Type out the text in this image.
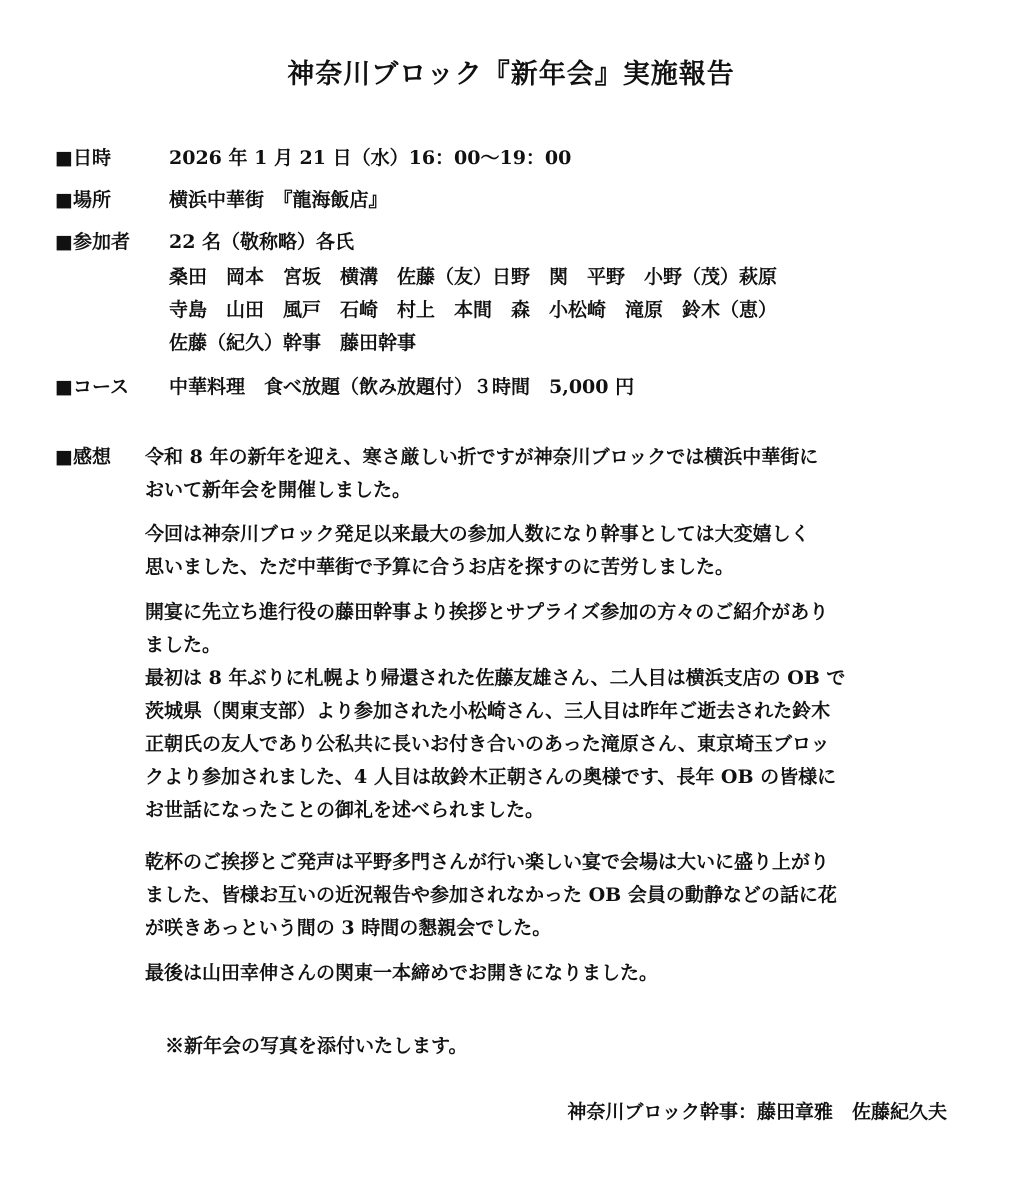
神奈川ブロック『新年会』実施報告
■日時	2026 年 1 月 21 日（水）16：00～19：00
■場所	横浜中華街　『龍海飯店』
■参加者 22 名（敬称略）各氏
桑田　岡本　宮坂　横溝　佐藤（友）日野　関　平野　小野（茂）萩原
寺島　山田　風戸　石崎　村上　本間　森　小松崎　滝原　鈴木（恵）
佐藤（紀久）幹事　藤田幹事
■コース 中華料理　食べ放題（飲み放題付）３時間　5,000 円
■感想 令和 8 年の新年を迎え、寒さ厳しい折ですが神奈川ブロックでは横浜中華街に
おいて新年会を開催しました。
今回は神奈川ブロック発足以来最大の参加人数になり幹事としては大変嬉しく
思いました、ただ中華街で予算に合うお店を探すのに苦労しました。
開宴に先立ち進行役の藤田幹事より挨拶とサプライズ参加の方々のご紹介があり
ました。
最初は 8 年ぶりに札幌より帰還された佐藤友雄さん、二人目は横浜支店の OB で
茨城県（関東支部）より参加された小松崎さん、三人目は昨年ご逝去された鈴木
正朝氏の友人であり公私共に長いお付き合いのあった滝原さん、東京埼玉ブロッ
クより参加されました、4 人目は故鈴木正朝さんの奥様です、長年 OB の皆様に
お世話になったことの御礼を述べられました。
乾杯のご挨拶とご発声は平野多門さんが行い楽しい宴で会場は大いに盛り上がり
ました、皆様お互いの近況報告や参加されなかった OB 会員の動静などの話に花
が咲きあっという間の 3 時間の懇親会でした。
最後は山田幸伸さんの関東一本締めでお開きになりました。
※新年会の写真を添付いたします。
神奈川ブロック幹事：藤田章雅　佐藤紀久夫
